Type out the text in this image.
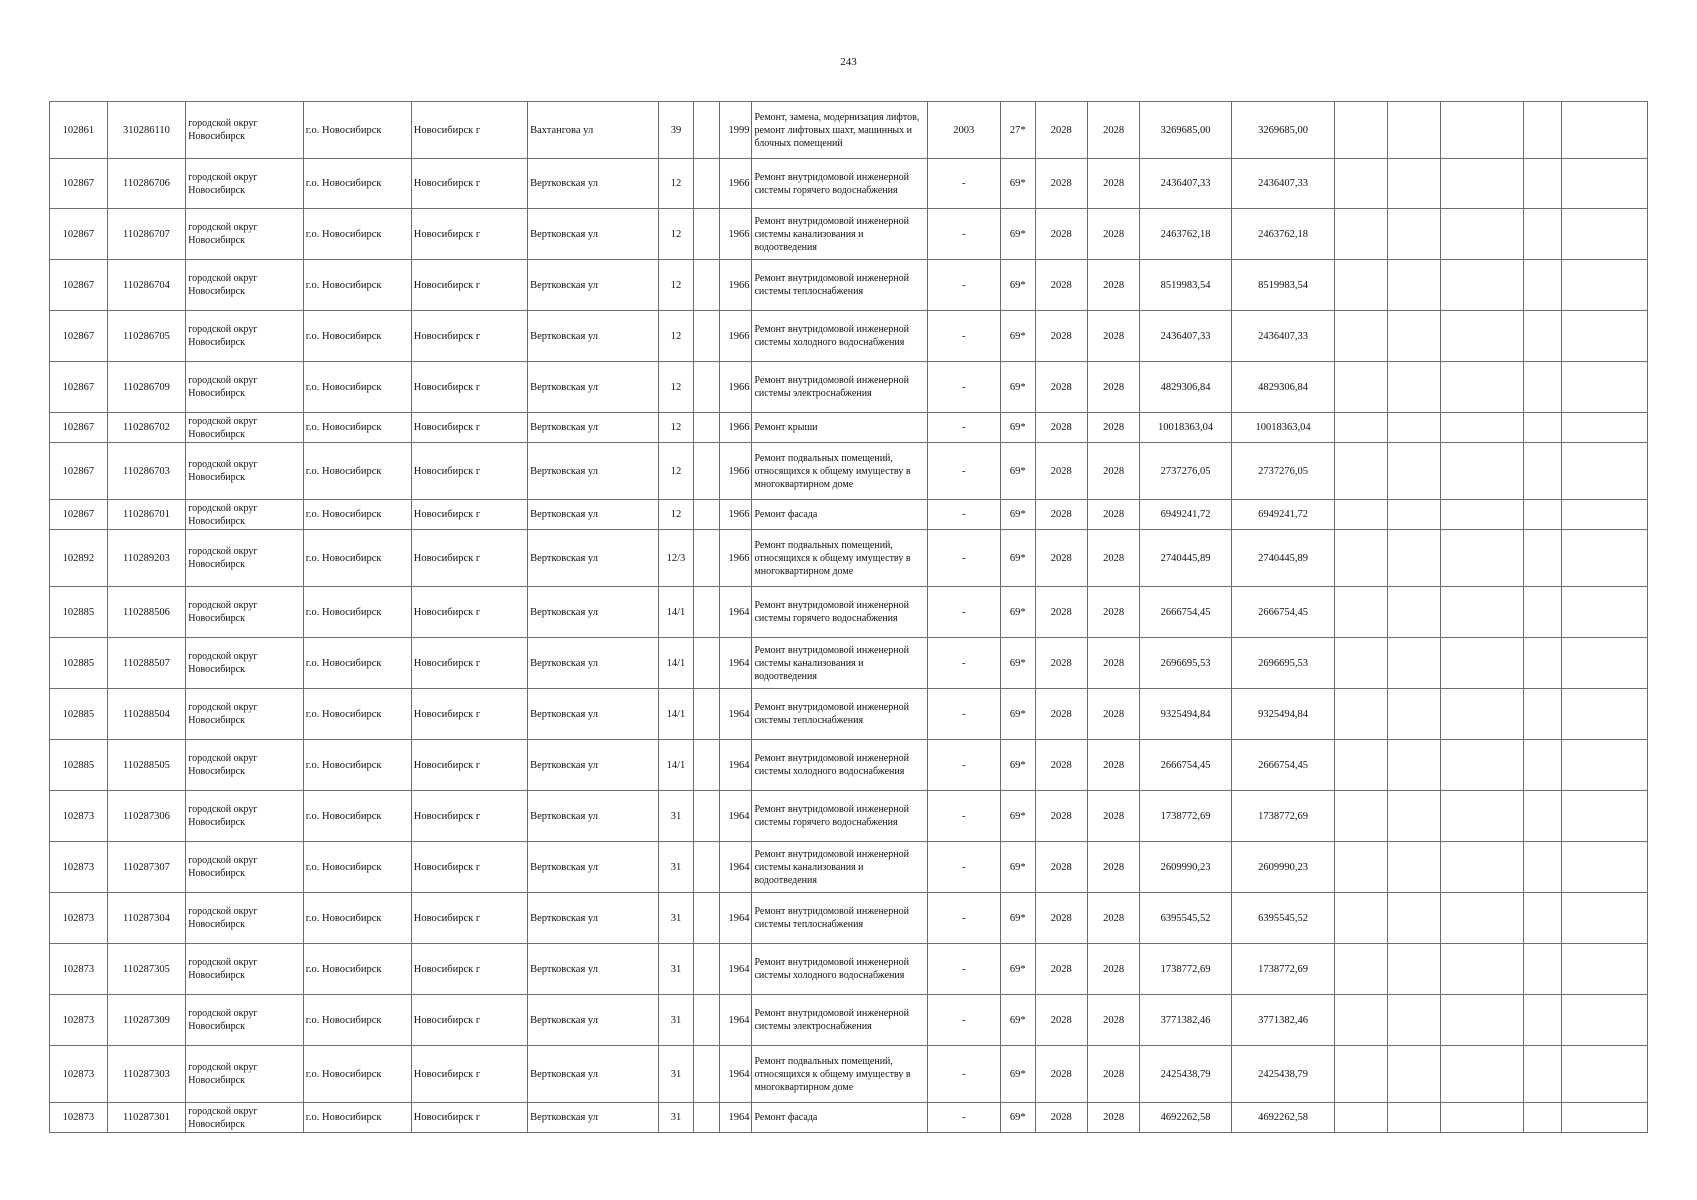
243
102861	310286110	городской округ Новосибирск	г.о. Новосибирск	Новосибирск г	Вахтангова ул	39		1999	Ремонт, замена, модернизация лифтов, ремонт лифтовых шахт, машинных и блочных помещений	2003	27*	2028	2028	3269685,00	3269685,00					
102867	110286706	городской округ Новосибирск	г.о. Новосибирск	Новосибирск г	Вертковская ул	12		1966	Ремонт внутридомовой инженерной системы горячего водоснабжения	-	69*	2028	2028	2436407,33	2436407,33					
102867	110286707	городской округ Новосибирск	г.о. Новосибирск	Новосибирск г	Вертковская ул	12		1966	Ремонт внутридомовой инженерной системы канализования и водоотведения	-	69*	2028	2028	2463762,18	2463762,18					
102867	110286704	городской округ Новосибирск	г.о. Новосибирск	Новосибирск г	Вертковская ул	12		1966	Ремонт внутридомовой инженерной системы теплоснабжения	-	69*	2028	2028	8519983,54	8519983,54					
102867	110286705	городской округ Новосибирск	г.о. Новосибирск	Новосибирск г	Вертковская ул	12		1966	Ремонт внутридомовой инженерной системы холодного водоснабжения	-	69*	2028	2028	2436407,33	2436407,33					
102867	110286709	городской округ Новосибирск	г.о. Новосибирск	Новосибирск г	Вертковская ул	12		1966	Ремонт внутридомовой инженерной системы электроснабжения	-	69*	2028	2028	4829306,84	4829306,84					
102867	110286702	городской округ Новосибирск	г.о. Новосибирск	Новосибирск г	Вертковская ул	12		1966	Ремонт крыши	-	69*	2028	2028	10018363,04	10018363,04					
102867	110286703	городской округ Новосибирск	г.о. Новосибирск	Новосибирск г	Вертковская ул	12		1966	Ремонт подвальных помещений, относящихся к общему имуществу в многоквартирном доме	-	69*	2028	2028	2737276,05	2737276,05					
102867	110286701	городской округ Новосибирск	г.о. Новосибирск	Новосибирск г	Вертковская ул	12		1966	Ремонт фасада	-	69*	2028	2028	6949241,72	6949241,72					
102892	110289203	городской округ Новосибирск	г.о. Новосибирск	Новосибирск г	Вертковская ул	12/3		1966	Ремонт подвальных помещений, относящихся к общему имуществу в многоквартирном доме	-	69*	2028	2028	2740445,89	2740445,89					
102885	110288506	городской округ Новосибирск	г.о. Новосибирск	Новосибирск г	Вертковская ул	14/1		1964	Ремонт внутридомовой инженерной системы горячего водоснабжения	-	69*	2028	2028	2666754,45	2666754,45					
102885	110288507	городской округ Новосибирск	г.о. Новосибирск	Новосибирск г	Вертковская ул	14/1		1964	Ремонт внутридомовой инженерной системы канализования и водоотведения	-	69*	2028	2028	2696695,53	2696695,53					
102885	110288504	городской округ Новосибирск	г.о. Новосибирск	Новосибирск г	Вертковская ул	14/1		1964	Ремонт внутридомовой инженерной системы теплоснабжения	-	69*	2028	2028	9325494,84	9325494,84					
102885	110288505	городской округ Новосибирск	г.о. Новосибирск	Новосибирск г	Вертковская ул	14/1		1964	Ремонт внутридомовой инженерной системы холодного водоснабжения	-	69*	2028	2028	2666754,45	2666754,45					
102873	110287306	городской округ Новосибирск	г.о. Новосибирск	Новосибирск г	Вертковская ул	31		1964	Ремонт внутридомовой инженерной системы горячего водоснабжения	-	69*	2028	2028	1738772,69	1738772,69					
102873	110287307	городской округ Новосибирск	г.о. Новосибирск	Новосибирск г	Вертковская ул	31		1964	Ремонт внутридомовой инженерной системы канализования и водоотведения	-	69*	2028	2028	2609990,23	2609990,23					
102873	110287304	городской округ Новосибирск	г.о. Новосибирск	Новосибирск г	Вертковская ул	31		1964	Ремонт внутридомовой инженерной системы теплоснабжения	-	69*	2028	2028	6395545,52	6395545,52					
102873	110287305	городской округ Новосибирск	г.о. Новосибирск	Новосибирск г	Вертковская ул	31		1964	Ремонт внутридомовой инженерной системы холодного водоснабжения	-	69*	2028	2028	1738772,69	1738772,69					
102873	110287309	городской округ Новосибирск	г.о. Новосибирск	Новосибирск г	Вертковская ул	31		1964	Ремонт внутридомовой инженерной системы электроснабжения	-	69*	2028	2028	3771382,46	3771382,46					
102873	110287303	городской округ Новосибирск	г.о. Новосибирск	Новосибирск г	Вертковская ул	31		1964	Ремонт подвальных помещений, относящихся к общему имуществу в многоквартирном доме	-	69*	2028	2028	2425438,79	2425438,79					
102873	110287301	городской округ Новосибирск	г.о. Новосибирск	Новосибирск г	Вертковская ул	31		1964	Ремонт фасада	-	69*	2028	2028	4692262,58	4692262,58					
